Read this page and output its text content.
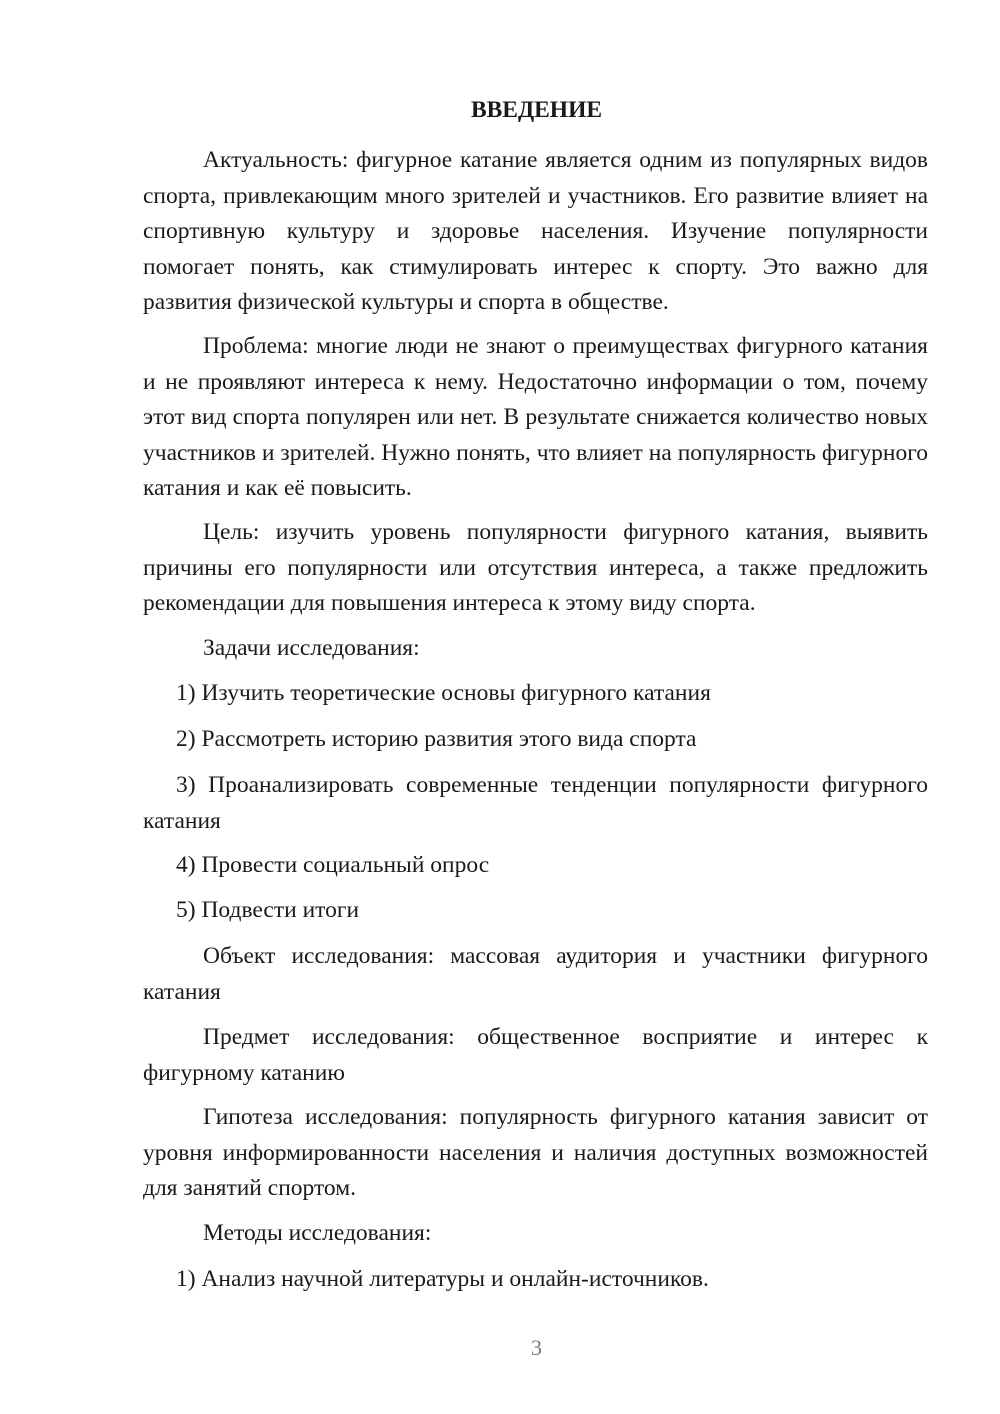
ВВЕДЕНИЕ

Актуальность: фигурное катание является одним из популярных видов спорта, привлекающим много зрителей и участников. Его развитие влияет на спортивную культуру и здоровье населения. Изучение популярности помогает понять, как стимулировать интерес к спорту. Это важно для развития физической культуры и спорта в обществе.

Проблема: многие люди не знают о преимуществах фигурного катания и не проявляют интереса к нему. Недостаточно информации о том, почему этот вид спорта популярен или нет. В результате снижается количество новых участников и зрителей. Нужно понять, что влияет на популярность фигурного катания и как её повысить.

Цель: изучить уровень популярности фигурного катания, выявить причины его популярности или отсутствия интереса, а также предложить рекомендации для повышения интереса к этому виду спорта.

Задачи исследования:

1) Изучить теоретические основы фигурного катания

2) Рассмотреть историю развития этого вида спорта

3) Проанализировать современные тенденции популярности фигурного катания

4) Провести социальный опрос

5) Подвести итоги

Объект исследования: массовая аудитория и участники фигурного катания

Предмет исследования: общественное восприятие и интерес к фигурному катанию

Гипотеза исследования: популярность фигурного катания зависит от уровня информированности населения и наличия доступных возможностей для занятий спортом.

Методы исследования:

1) Анализ научной литературы и онлайн-источников.

3
